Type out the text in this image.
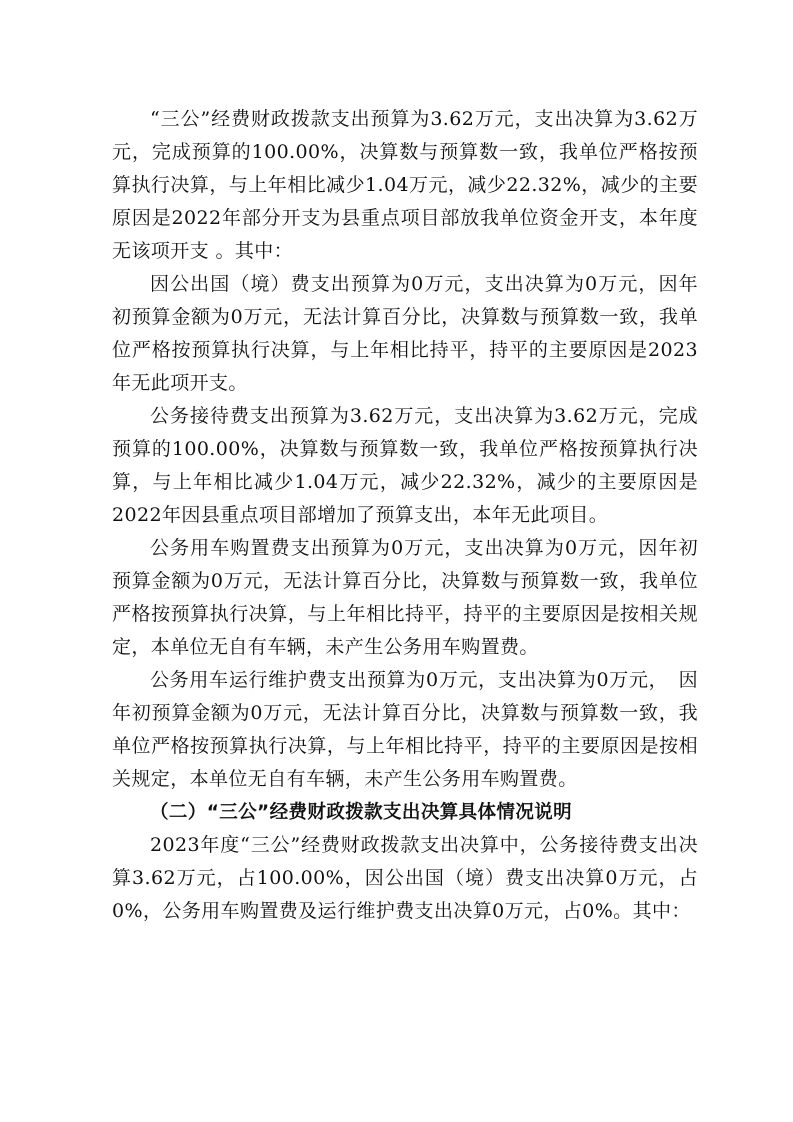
“三公”经费财政拨款支出预算为3.62万元，支出决算为3.62万元，完成预算的100.00%，决算数与预算数一致，我单位严格按预算执行决算，与上年相比减少1.04万元，减少22.32%，减少的主要原因是2022年部分开支为县重点项目部放我单位资金开支，本年度无该项开支 。其中：

因公出国（境）费支出预算为0万元，支出决算为0万元，因年初预算金额为0万元，无法计算百分比，决算数与预算数一致，我单位严格按预算执行决算，与上年相比持平，持平的主要原因是2023年无此项开支。

公务接待费支出预算为3.62万元，支出决算为3.62万元，完成预算的100.00%，决算数与预算数一致，我单位严格按预算执行决算，与上年相比减少1.04万元，减少22.32%，减少的主要原因是2022年因县重点项目部增加了预算支出，本年无此项目。

公务用车购置费支出预算为0万元，支出决算为0万元，因年初预算金额为0万元，无法计算百分比，决算数与预算数一致，我单位严格按预算执行决算，与上年相比持平，持平的主要原因是按相关规定，本单位无自有车辆，未产生公务用车购置费。

公务用车运行维护费支出预算为0万元，支出决算为0万元，　因年初预算金额为0万元，无法计算百分比，决算数与预算数一致，我单位严格按预算执行决算，与上年相比持平，持平的主要原因是按相关规定，本单位无自有车辆，未产生公务用车购置费。

（二）“三公”经费财政拨款支出决算具体情况说明

2023年度“三公”经费财政拨款支出决算中，公务接待费支出决算3.62万元，占100.00%，因公出国（境）费支出决算0万元，占0%，公务用车购置费及运行维护费支出决算0万元，占0%。其中：
